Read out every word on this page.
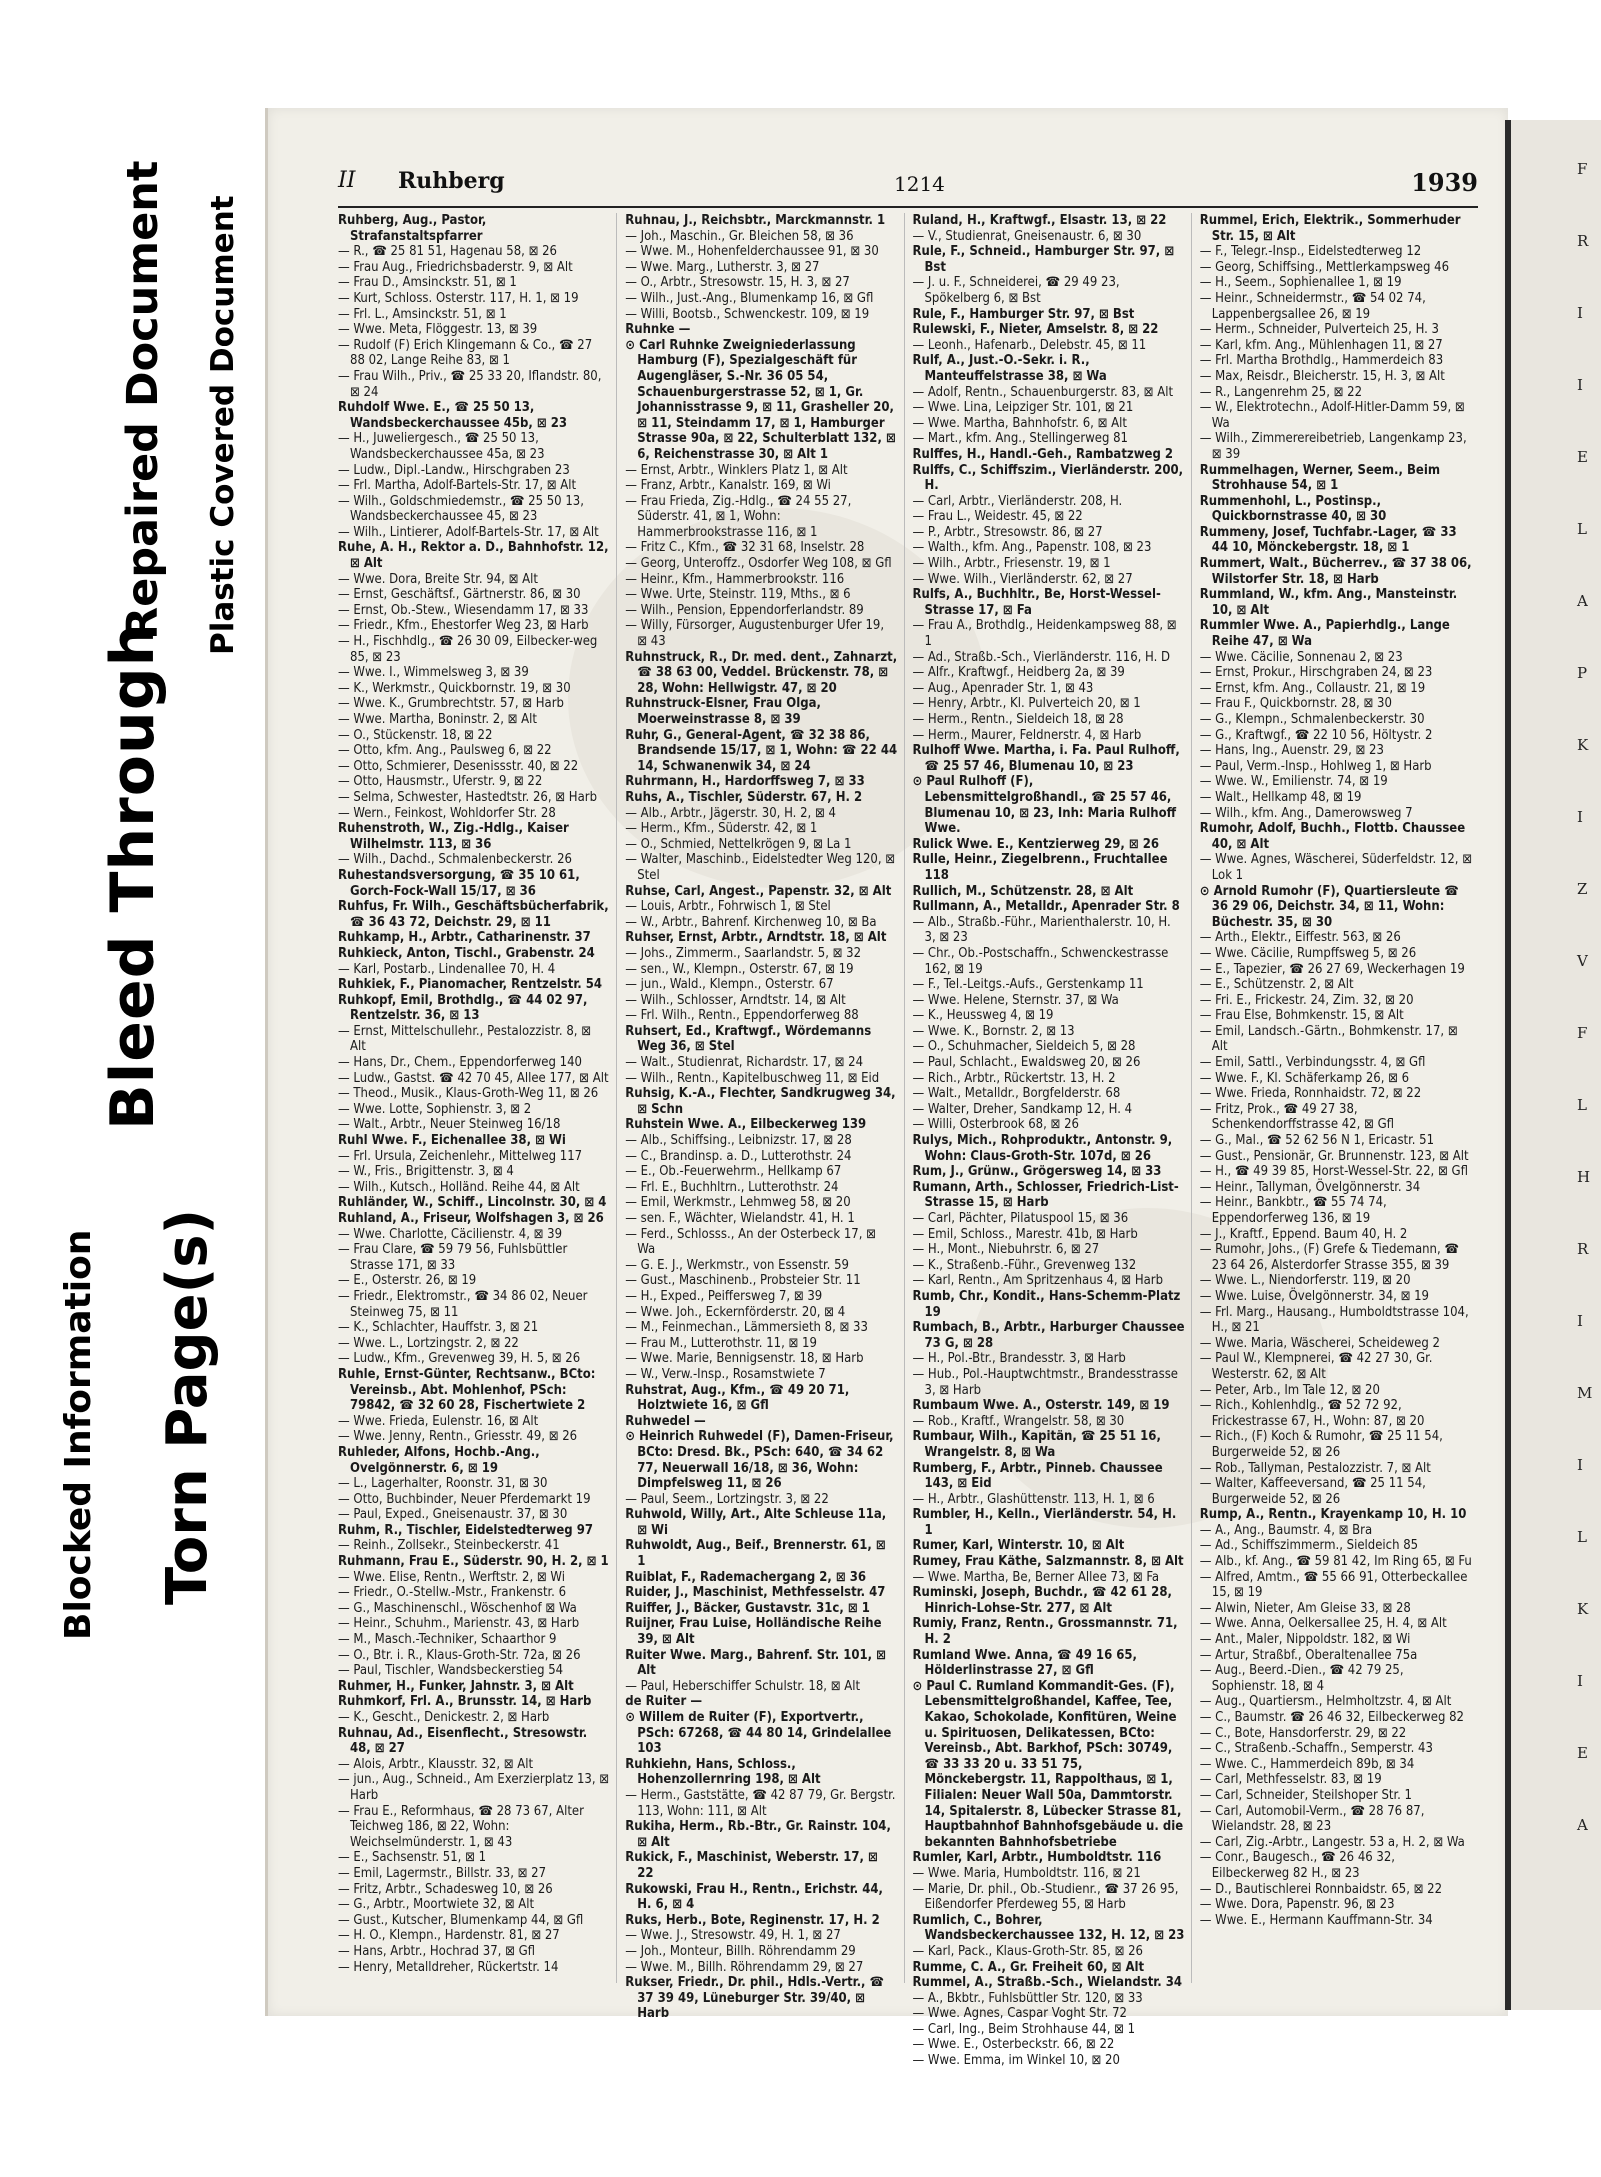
Repaired Document Plastic Covered Document
Bleed Through
Blocked Information Torn Page(s)
II Ruhberg	1214	1939

Ruhberg, Aug., Pastor, Strafanstaltspfarrer

— R., ☎ 25 81 51, Hagenau 58, ⊠ 26

— Frau Aug., Friedrichsbaderstr. 9, ⊠ Alt

— Frau D., Amsinckstr. 51, ⊠ 1

— Kurt, Schloss. Osterstr. 117, H. 1, ⊠ 19

— Frl. L., Amsinckstr. 51, ⊠ 1

— Wwe. Meta, Flöggestr. 13, ⊠ 39

— Rudolf (F) Erich Klingemann & Co., ☎ 27 88 02, Lange Reihe 83, ⊠ 1

— Frau Wilh., Priv., ☎ 25 33 20, Iflandstr. 80, ⊠ 24

Ruhdolf Wwe. E., ☎ 25 50 13, Wandsbeckerchaussee 45b, ⊠ 23

— H., Juweliergesch., ☎ 25 50 13, Wandsbeckerchaussee 45a, ⊠ 23

— Ludw., Dipl.-Landw., Hirschgraben 23

— Frl. Martha, Adolf-Bartels-Str. 17, ⊠ Alt

— Wilh., Goldschmiedemstr., ☎ 25 50 13, Wandsbeckerchaussee 45, ⊠ 23

— Wilh., Lintierer, Adolf-Bartels-Str. 17, ⊠ Alt

Ruhe, A. H., Rektor a. D., Bahnhofstr. 12, ⊠ Alt

— Wwe. Dora, Breite Str. 94, ⊠ Alt

— Ernst, Geschäftsf., Gärtnerstr. 86, ⊠ 30

— Ernst, Ob.-Stew., Wiesendamm 17, ⊠ 33

— Friedr., Kfm., Ehestorfer Weg 23, ⊠ Harb

— H., Fischhdlg., ☎ 26 30 09, Eilbecker-weg 85, ⊠ 23

— Wwe. I., Wimmelsweg 3, ⊠ 39

— K., Werkmstr., Quickbornstr. 19, ⊠ 30

— Wwe. K., Grumbrechtstr. 57, ⊠ Harb

— Wwe. Martha, Boninstr. 2, ⊠ Alt

— O., Stückenstr. 18, ⊠ 22

— Otto, kfm. Ang., Paulsweg 6, ⊠ 22

— Otto, Schmierer, Desenissstr. 40, ⊠ 22

— Otto, Hausmstr., Uferstr. 9, ⊠ 22

— Selma, Schwester, Hastedtstr. 26, ⊠ Harb

— Wern., Feinkost, Wohldorfer Str. 28

Ruhenstroth, W., Zig.-Hdlg., Kaiser Wilhelmstr. 113, ⊠ 36

— Wilh., Dachd., Schmalenbeckerstr. 26

Ruhestandsversorgung, ☎ 35 10 61, Gorch-Fock-Wall 15/17, ⊠ 36

Ruhfus, Fr. Wilh., Geschäftsbücherfabrik, ☎ 36 43 72, Deichstr. 29, ⊠ 11

Ruhkamp, H., Arbtr., Catharinenstr. 37

Ruhkieck, Anton, Tischl., Grabenstr. 24

— Karl, Postarb., Lindenallee 70, H. 4

Ruhkiek, F., Pianomacher, Rentzelstr. 54

Ruhkopf, Emil, Brothdlg., ☎ 44 02 97, Rentzelstr. 36, ⊠ 13

— Ernst, Mittelschullehr., Pestalozzistr. 8, ⊠ Alt

— Hans, Dr., Chem., Eppendorferweg 140

— Ludw., Gastst. ☎ 42 70 45, Allee 177, ⊠ Alt

— Theod., Musik., Klaus-Groth-Weg 11, ⊠ 26

— Wwe. Lotte, Sophienstr. 3, ⊠ 2

— Walt., Arbtr., Neuer Steinweg 16/18

Ruhl Wwe. F., Eichenallee 38, ⊠ Wi

— Frl. Ursula, Zeichenlehr., Mittelweg 117

— W., Fris., Brigittenstr. 3, ⊠ 4

— Wilh., Kutsch., Holländ. Reihe 44, ⊠ Alt

Ruhländer, W., Schiff., Lincolnstr. 30, ⊠ 4

Ruhland, A., Friseur, Wolfshagen 3, ⊠ 26

— Wwe. Charlotte, Cäcilienstr. 4, ⊠ 39

— Frau Clare, ☎ 59 79 56, Fuhlsbüttler Strasse 171, ⊠ 33

— E., Osterstr. 26, ⊠ 19

— Friedr., Elektromstr., ☎ 34 86 02, Neuer Steinweg 75, ⊠ 11

— K., Schlachter, Hauffstr. 3, ⊠ 21

— Wwe. L., Lortzingstr. 2, ⊠ 22

— Ludw., Kfm., Grevenweg 39, H. 5, ⊠ 26

Ruhle, Ernst-Günter, Rechtsanw., BCto: Vereinsb., Abt. Mohlenhof, PSch: 79842, ☎ 32 60 28, Fischertwiete 2

— Wwe. Frieda, Eulenstr. 16, ⊠ Alt

— Wwe. Jenny, Rentn., Griesstr. 49, ⊠ 26

Ruhleder, Alfons, Hochb.-Ang., Ovelgönnerstr. 6, ⊠ 19

— L., Lagerhalter, Roonstr. 31, ⊠ 30

— Otto, Buchbinder, Neuer Pferdemarkt 19

— Paul, Exped., Gneisenaustr. 37, ⊠ 30

Ruhm, R., Tischler, Eidelstedterweg 97

— Reinh., Zollsekr., Steinbeckerstr. 41

Ruhmann, Frau E., Süderstr. 90, H. 2, ⊠ 1

— Wwe. Elise, Rentn., Werftstr. 2, ⊠ Wi

— Friedr., O.-Stellw.-Mstr., Frankenstr. 6

— G., Maschinenschl., Wöschenhof ⊠ Wa

— Heinr., Schuhm., Marienstr. 43, ⊠ Harb

— M., Masch.-Techniker, Schaarthor 9

— O., Btr. i. R., Klaus-Groth-Str. 72a, ⊠ 26

— Paul, Tischler, Wandsbeckerstieg 54

Ruhmer, H., Funker, Jahnstr. 3, ⊠ Alt

Ruhmkorf, Frl. A., Brunsstr. 14, ⊠ Harb

— K., Gescht., Denickestr. 2, ⊠ Harb

Ruhnau, Ad., Eisenflecht., Stresowstr. 48, ⊠ 27

— Alois, Arbtr., Klausstr. 32, ⊠ Alt

— jun., Aug., Schneid., Am Exerzierplatz 13, ⊠ Harb

— Frau E., Reformhaus, ☎ 28 73 67, Alter Teichweg 186, ⊠ 22, Wohn: Weichselmünderstr. 1, ⊠ 43

— E., Sachsenstr. 51, ⊠ 1

— Emil, Lagermstr., Billstr. 33, ⊠ 27

— Fritz, Arbtr., Schadesweg 10, ⊠ 26

— G., Arbtr., Moortwiete 32, ⊠ Alt

— Gust., Kutscher, Blumenkamp 44, ⊠ Gfl

— H. O., Klempn., Hardenstr. 81, ⊠ 27

— Hans, Arbtr., Hochrad 37, ⊠ Gfl

— Henry, Metalldreher, Rückertstr. 14

Ruhnau, J., Reichsbtr., Marckmannstr. 1

— Joh., Maschin., Gr. Bleichen 58, ⊠ 36

— Wwe. M., Hohenfelderchaussee 91, ⊠ 30

— Wwe. Marg., Lutherstr. 3, ⊠ 27

— O., Arbtr., Stresowstr. 15, H. 3, ⊠ 27

— Wilh., Just.-Ang., Blumenkamp 16, ⊠ Gfl

— Willi, Bootsb., Schwenckestr. 109, ⊠ 19

Ruhnke —

⊙ Carl Ruhnke Zweigniederlassung Hamburg (F), Spezialgeschäft für Augengläser, S.-Nr. 36 05 54, Schauenburgerstrasse 52, ⊠ 1, Gr. Johannisstrasse 9, ⊠ 11, Grasheller 20, ⊠ 11, Steindamm 17, ⊠ 1, Hamburger Strasse 90a, ⊠ 22, Schulterblatt 132, ⊠ 6, Reichenstrasse 30, ⊠ Alt 1

— Ernst, Arbtr., Winklers Platz 1, ⊠ Alt

— Franz, Arbtr., Kanalstr. 169, ⊠ Wi

— Frau Frieda, Zig.-Hdlg., ☎ 24 55 27, Süderstr. 41, ⊠ 1, Wohn: Hammerbrookstrasse 116, ⊠ 1

— Fritz C., Kfm., ☎ 32 31 68, Inselstr. 28

— Georg, Unteroffz., Osdorfer Weg 108, ⊠ Gfl

— Heinr., Kfm., Hammerbrookstr. 116

— Wwe. Urte, Steinstr. 119, Mths., ⊠ 6

— Wilh., Pension, Eppendorferlandstr. 89

— Willy, Fürsorger, Augustenburger Ufer 19, ⊠ 43

Ruhnstruck, R., Dr. med. dent., Zahnarzt, ☎ 38 63 00, Veddel. Brückenstr. 78, ⊠ 28, Wohn: Hellwigstr. 47, ⊠ 20

Ruhnstruck-Elsner, Frau Olga, Moerweinstrasse 8, ⊠ 39

Ruhr, G., General-Agent, ☎ 32 38 86, Brandsende 15/17, ⊠ 1, Wohn: ☎ 22 44 14, Schwanenwik 34, ⊠ 24

Ruhrmann, H., Hardorffsweg 7, ⊠ 33

Ruhs, A., Tischler, Süderstr. 67, H. 2

— Alb., Arbtr., Jägerstr. 30, H. 2, ⊠ 4

— Herm., Kfm., Süderstr. 42, ⊠ 1

— O., Schmied, Nettelkrögen 9, ⊠ La 1

— Walter, Maschinb., Eidelstedter Weg 120, ⊠ Stel

Ruhse, Carl, Angest., Papenstr. 32, ⊠ Alt

— Louis, Arbtr., Fohrwisch 1, ⊠ Stel

— W., Arbtr., Bahrenf. Kirchenweg 10, ⊠ Ba

Ruhser, Ernst, Arbtr., Arndtstr. 18, ⊠ Alt

— Johs., Zimmerm., Saarlandstr. 5, ⊠ 32

— sen., W., Klempn., Osterstr. 67, ⊠ 19

— jun., Wald., Klempn., Osterstr. 67

— Wilh., Schlosser, Arndtstr. 14, ⊠ Alt

— Frl. Wilh., Rentn., Eppendorferweg 88

Ruhsert, Ed., Kraftwgf., Wördemanns Weg 36, ⊠ Stel

— Walt., Studienrat, Richardstr. 17, ⊠ 24

— Wilh., Rentn., Kapitelbuschweg 11, ⊠ Eid

Ruhsig, K.-A., Flechter, Sandkrugweg 34, ⊠ Schn

Ruhstein Wwe. A., Eilbeckerweg 139

— Alb., Schiffsing., Leibnizstr. 17, ⊠ 28

— C., Brandinsp. a. D., Lutterothstr. 24

— E., Ob.-Feuerwehrm., Hellkamp 67

— Frl. E., Buchhltrn., Lutterothstr. 24

— Emil, Werkmstr., Lehmweg 58, ⊠ 20

— sen. F., Wächter, Wielandstr. 41, H. 1

— Ferd., Schlosss., An der Osterbeck 17, ⊠ Wa

— G. E. J., Werkmstr., von Essenstr. 59

— Gust., Maschinenb., Probsteier Str. 11

— H., Exped., Peiffersweg 7, ⊠ 39

— Wwe. Joh., Eckernförderstr. 20, ⊠ 4

— M., Feinmechan., Lämmersieth 8, ⊠ 33

— Frau M., Lutterothstr. 11, ⊠ 19

— Wwe. Marie, Bennigsenstr. 18, ⊠ Harb

— W., Verw.-Insp., Rosamstwiete 7

Ruhstrat, Aug., Kfm., ☎ 49 20 71, Holztwiete 16, ⊠ Gfl

Ruhwedel —

⊙ Heinrich Ruhwedel (F), Damen-Friseur, BCto: Dresd. Bk., PSch: 640, ☎ 34 62 77, Neuerwall 16/18, ⊠ 36, Wohn: Dimpfelsweg 11, ⊠ 26

— Paul, Seem., Lortzingstr. 3, ⊠ 22

Ruhwold, Willy, Art., Alte Schleuse 11a, ⊠ Wi

Ruhwoldt, Aug., Beif., Brennerstr. 61, ⊠ 1

Ruiblat, F., Rademachergang 2, ⊠ 36

Ruider, J., Maschinist, Methfesselstr. 47

Ruiffer, J., Bäcker, Gustavstr. 31c, ⊠ 1

Ruijner, Frau Luise, Holländische Reihe 39, ⊠ Alt

Ruiter Wwe. Marg., Bahrenf. Str. 101, ⊠ Alt

— Paul, Heberschiffer Schulstr. 18, ⊠ Alt

de Ruiter —

⊙ Willem de Ruiter (F), Exportvertr., PSch: 67268, ☎ 44 80 14, Grindelallee 103

Ruhkiehn, Hans, Schloss., Hohenzollernring 198, ⊠ Alt

— Herm., Gaststätte, ☎ 42 87 79, Gr. Bergstr. 113, Wohn: 111, ⊠ Alt

Rukiha, Herm., Rb.-Btr., Gr. Rainstr. 104, ⊠ Alt

Rukick, F., Maschinist, Weberstr. 17, ⊠ 22

Rukowski, Frau H., Rentn., Erichstr. 44, H. 6, ⊠ 4

Ruks, Herb., Bote, Reginenstr. 17, H. 2

— Wwe. J., Stresowstr. 49, H. 1, ⊠ 27

— Joh., Monteur, Billh. Röhrendamm 29

— Wwe. M., Billh. Röhrendamm 29, ⊠ 27

Rukser, Friedr., Dr. phil., Hdls.-Vertr., ☎ 37 39 49, Lüneburger Str. 39/40, ⊠ Harb

Ruland, H., Kraftwgf., Elsastr. 13, ⊠ 22

— V., Studienrat, Gneisenaustr. 6, ⊠ 30

Rule, F., Schneid., Hamburger Str. 97, ⊠ Bst

— J. u. F., Schneiderei, ☎ 29 49 23, Spökelberg 6, ⊠ Bst

Rule, F., Hamburger Str. 97, ⊠ Bst

Rulewski, F., Nieter, Amselstr. 8, ⊠ 22

— Leonh., Hafenarb., Delebstr. 45, ⊠ 11

Rulf, A., Just.-O.-Sekr. i. R., Manteuffelstrasse 38, ⊠ Wa

— Adolf, Rentn., Schauenburgerstr. 83, ⊠ Alt

— Wwe. Lina, Leipziger Str. 101, ⊠ 21

— Wwe. Martha, Bahnhofstr. 6, ⊠ Alt

— Mart., kfm. Ang., Stellingerweg 81

Rulffes, H., Handl.-Geh., Rambatzweg 2

Rulffs, C., Schiffszim., Vierländerstr. 200, H.

— Carl, Arbtr., Vierländerstr. 208, H.

— Frau L., Weidestr. 45, ⊠ 22

— P., Arbtr., Stresowstr. 86, ⊠ 27

— Walth., kfm. Ang., Papenstr. 108, ⊠ 23

— Wilh., Arbtr., Friesenstr. 19, ⊠ 1

— Wwe. Wilh., Vierländerstr. 62, ⊠ 27

Rulfs, A., Buchhltr., Be, Horst-Wessel-Strasse 17, ⊠ Fa

— Frau A., Brothdlg., Heidenkampsweg 88, ⊠ 1

— Ad., Straßb.-Sch., Vierländerstr. 116, H. D

— Alfr., Kraftwgf., Heidberg 2a, ⊠ 39

— Aug., Apenrader Str. 1, ⊠ 43

— Henry, Arbtr., Kl. Pulverteich 20, ⊠ 1

— Herm., Rentn., Sieldeich 18, ⊠ 28

— Herm., Maurer, Feldnerstr. 4, ⊠ Harb

Rulhoff Wwe. Martha, i. Fa. Paul Rulhoff, ☎ 25 57 46, Blumenau 10, ⊠ 23

⊙ Paul Rulhoff (F), Lebensmittelgroßhandl., ☎ 25 57 46, Blumenau 10, ⊠ 23, Inh: Maria Rulhoff Wwe.

Rulick Wwe. E., Kentzierweg 29, ⊠ 26

Rulle, Heinr., Ziegelbrenn., Fruchtallee 118

Rullich, M., Schützenstr. 28, ⊠ Alt

Rullmann, A., Metalldr., Apenrader Str. 8

— Alb., Straßb.-Führ., Marienthalerstr. 10, H. 3, ⊠ 23

— Chr., Ob.-Postschaffn., Schwenckestrasse 162, ⊠ 19

— F., Tel.-Leitgs.-Aufs., Gerstenkamp 11

— Wwe. Helene, Sternstr. 37, ⊠ Wa

— K., Heussweg 4, ⊠ 19

— Wwe. K., Bornstr. 2, ⊠ 13

— O., Schuhmacher, Sieldeich 5, ⊠ 28

— Paul, Schlacht., Ewaldsweg 20, ⊠ 26

— Rich., Arbtr., Rückertstr. 13, H. 2

— Walt., Metalldr., Borgfelderstr. 68

— Walter, Dreher, Sandkamp 12, H. 4

— Willi, Osterbrook 68, ⊠ 26

Rulys, Mich., Rohproduktr., Antonstr. 9, Wohn: Claus-Groth-Str. 107d, ⊠ 26

Rum, J., Grünw., Grögersweg 14, ⊠ 33

Rumann, Arth., Schlosser, Friedrich-List-Strasse 15, ⊠ Harb

— Carl, Pächter, Pilatuspool 15, ⊠ 36

— Emil, Schloss., Marestr. 41b, ⊠ Harb

— H., Mont., Niebuhrstr. 6, ⊠ 27

— K., Straßenb.-Führ., Grevenweg 132

— Karl, Rentn., Am Spritzenhaus 4, ⊠ Harb

Rumb, Chr., Kondit., Hans-Schemm-Platz 19

Rumbach, B., Arbtr., Harburger Chaussee 73 G, ⊠ 28

— H., Pol.-Btr., Brandesstr. 3, ⊠ Harb

— Hub., Pol.-Hauptwchtmstr., Brandesstrasse 3, ⊠ Harb

Rumbaum Wwe. A., Osterstr. 149, ⊠ 19

— Rob., Kraftf., Wrangelstr. 58, ⊠ 30

Rumbaur, Wilh., Kapitän, ☎ 25 51 16, Wrangelstr. 8, ⊠ Wa

Rumberg, F., Arbtr., Pinneb. Chaussee 143, ⊠ Eid

— H., Arbtr., Glashüttenstr. 113, H. 1, ⊠ 6

Rumbler, H., Kelln., Vierländerstr. 54, H. 1

Rumer, Karl, Winterstr. 10, ⊠ Alt

Rumey, Frau Käthe, Salzmannstr. 8, ⊠ Alt

— Wwe. Martha, Be, Berner Allee 73, ⊠ Fa

Ruminski, Joseph, Buchdr., ☎ 42 61 28, Hinrich-Lohse-Str. 277, ⊠ Alt

Rumiy, Franz, Rentn., Grossmannstr. 71, H. 2

Rumland Wwe. Anna, ☎ 49 16 65, Hölderlinstrasse 27, ⊠ Gfl

⊙ Paul C. Rumland Kommandit-Ges. (F), Lebensmittelgroßhandel, Kaffee, Tee, Kakao, Schokolade, Konfitüren, Weine u. Spirituosen, Delikatessen, BCto: Vereinsb., Abt. Barkhof, PSch: 30749, ☎ 33 33 20 u. 33 51 75, Mönckebergstr. 11, Rappolthaus, ⊠ 1, Filialen: Neuer Wall 50a, Dammtorstr. 14, Spitalerstr. 8, Lübecker Strasse 81, Hauptbahnhof Bahnhofsgebäude u. die bekannten Bahnhofsbetriebe

Rumler, Karl, Arbtr., Humboldtstr. 116

— Wwe. Maria, Humboldtstr. 116, ⊠ 21

— Marie, Dr. phil., Ob.-Studienr., ☎ 37 26 95, Eißendorfer Pferdeweg 55, ⊠ Harb

Rumlich, C., Bohrer, Wandsbeckerchaussee 132, H. 12, ⊠ 23

— Karl, Pack., Klaus-Groth-Str. 85, ⊠ 26

Rumme, C. A., Gr. Freiheit 60, ⊠ Alt

Rummel, A., Straßb.-Sch., Wielandstr. 34

— A., Bkbtr., Fuhlsbüttler Str. 120, ⊠ 33

— Wwe. Agnes, Caspar Voght Str. 72

— Carl, Ing., Beim Strohhause 44, ⊠ 1

— Wwe. E., Osterbeckstr. 66, ⊠ 22

— Wwe. Emma, im Winkel 10, ⊠ 20

Rummel, Erich, Elektrik., Sommerhuder Str. 15, ⊠ Alt

— F., Telegr.-Insp., Eidelstedterweg 12

— Georg, Schiffsing., Mettlerkampsweg 46

— H., Seem., Sophienallee 1, ⊠ 19

— Heinr., Schneidermstr., ☎ 54 02 74, Lappenbergsallee 26, ⊠ 19

— Herm., Schneider, Pulverteich 25, H. 3

— Karl, kfm. Ang., Mühlenhagen 11, ⊠ 27

— Frl. Martha Brothdlg., Hammerdeich 83

— Max, Reisdr., Bleicherstr. 15, H. 3, ⊠ Alt

— R., Langenrehm 25, ⊠ 22

— W., Elektrotechn., Adolf-Hitler-Damm 59, ⊠ Wa

— Wilh., Zimmerereibetrieb, Langenkamp 23, ⊠ 39

Rummelhagen, Werner, Seem., Beim Strohhause 54, ⊠ 1

Rummenhohl, L., Postinsp., Quickbornstrasse 40, ⊠ 30

Rummeny, Josef, Tuchfabr.-Lager, ☎ 33 44 10, Mönckebergstr. 18, ⊠ 1

Rummert, Walt., Bücherrev., ☎ 37 38 06, Wilstorfer Str. 18, ⊠ Harb

Rummland, W., kfm. Ang., Mansteinstr. 10, ⊠ Alt

Rummler Wwe. A., Papierhdlg., Lange Reihe 47, ⊠ Wa

— Wwe. Cäcilie, Sonnenau 2, ⊠ 23

— Ernst, Prokur., Hirschgraben 24, ⊠ 23

— Ernst, kfm. Ang., Collaustr. 21, ⊠ 19

— Frau F., Quickbornstr. 28, ⊠ 30

— G., Klempn., Schmalenbeckerstr. 30

— G., Kraftwgf., ☎ 22 10 56, Höltystr. 2

— Hans, Ing., Auenstr. 29, ⊠ 23

— Paul, Verm.-Insp., Hohlweg 1, ⊠ Harb

— Wwe. W., Emilienstr. 74, ⊠ 19

— Walt., Hellkamp 48, ⊠ 19

— Wilh., kfm. Ang., Damerowsweg 7

Rumohr, Adolf, Buchh., Flottb. Chaussee 40, ⊠ Alt

— Wwe. Agnes, Wäscherei, Süderfeldstr. 12, ⊠ Lok 1

⊙ Arnold Rumohr (F), Quartiersleute ☎ 36 29 06, Deichstr. 34, ⊠ 11, Wohn: Büchestr. 35, ⊠ 30

— Arth., Elektr., Eiffestr. 563, ⊠ 26

— Wwe. Cäcilie, Rumpffsweg 5, ⊠ 26

— E., Tapezier, ☎ 26 27 69, Weckerhagen 19

— E., Schützenstr. 2, ⊠ Alt

— Fri. E., Frickestr. 24, Zim. 32, ⊠ 20

— Frau Else, Bohmkenstr. 15, ⊠ Alt

— Emil, Landsch.-Gärtn., Bohmkenstr. 17, ⊠ Alt

— Emil, Sattl., Verbindungsstr. 4, ⊠ Gfl

— Wwe. F., Kl. Schäferkamp 26, ⊠ 6

— Wwe. Frieda, Ronnhaidstr. 72, ⊠ 22

— Fritz, Prok., ☎ 49 27 38, Schenkendorffstrasse 42, ⊠ Gfl

— G., Mal., ☎ 52 62 56 N 1, Ericastr. 51

— Gust., Pensionär, Gr. Brunnenstr. 123, ⊠ Alt

— H., ☎ 49 39 85, Horst-Wessel-Str. 22, ⊠ Gfl

— Heinr., Tallyman, Övelgönnerstr. 34

— Heinr., Bankbtr., ☎ 55 74 74, Eppendorferweg 136, ⊠ 19

— J., Kraftf., Eppend. Baum 40, H. 2

— Rumohr, Johs., (F) Grefe & Tiedemann, ☎ 23 64 26, Alsterdorfer Strasse 355, ⊠ 39

— Wwe. L., Niendorferstr. 119, ⊠ 20

— Wwe. Luise, Övelgönnerstr. 34, ⊠ 19

— Frl. Marg., Hausang., Humboldtstrasse 104, H., ⊠ 21

— Wwe. Maria, Wäscherei, Scheideweg 2

— Paul W., Klempnerei, ☎ 42 27 30, Gr. Westerstr. 62, ⊠ Alt

— Peter, Arb., Im Tale 12, ⊠ 20

— Rich., Kohlenhdlg., ☎ 52 72 92, Frickestrasse 67, H., Wohn: 87, ⊠ 20

— Rich., (F) Koch & Rumohr, ☎ 25 11 54, Burgerweide 52, ⊠ 26

— Rob., Tallyman, Pestalozzistr. 7, ⊠ Alt

— Walter, Kaffeeversand, ☎ 25 11 54, Burgerweide 52, ⊠ 26

Rump, A., Rentn., Krayenkamp 10, H. 10

— A., Ang., Baumstr. 4, ⊠ Bra

— Ad., Schiffszimmerm., Sieldeich 85

— Alb., kf. Ang., ☎ 59 81 42, Im Ring 65, ⊠ Fu

— Alfred, Amtm., ☎ 55 66 91, Otterbeckallee 15, ⊠ 19

— Alwin, Nieter, Am Gleise 33, ⊠ 28

— Wwe. Anna, Oelkersallee 25, H. 4, ⊠ Alt

— Ant., Maler, Nippoldstr. 182, ⊠ Wi

— Artur, Straßbf., Oberaltenallee 75a

— Aug., Beerd.-Dien., ☎ 42 79 25, Sophienstr. 18, ⊠ 4

— Aug., Quartiersm., Helmholtzstr. 4, ⊠ Alt

— C., Baumstr. ☎ 26 46 32, Eilbeckerweg 82

— C., Bote, Hansdorferstr. 29, ⊠ 22

— C., Straßenb.-Schaffn., Semperstr. 43

— Wwe. C., Hammerdeich 89b, ⊠ 34

— Carl, Methfesselstr. 83, ⊠ 19

— Carl, Schneider, Steilshoper Str. 1

— Carl, Automobil-Verm., ☎ 28 76 87, Wielandstr. 28, ⊠ 23

— Carl, Zig.-Arbtr., Langestr. 53 a, H. 2, ⊠ Wa

— Conr., Baugesch., ☎ 26 46 32, Eilbeckerweg 82 H., ⊠ 23

— D., Bautischlerei Ronnbaidstr. 65, ⊠ 22

— Wwe. Dora, Papenstr. 96, ⊠ 23

— Wwe. E., Hermann Kauffmann-Str. 34

F
R
I
I
E
L
A
P
K
I
Z
V
F
L
H
R
I
M
I
L
K
I
E
A
